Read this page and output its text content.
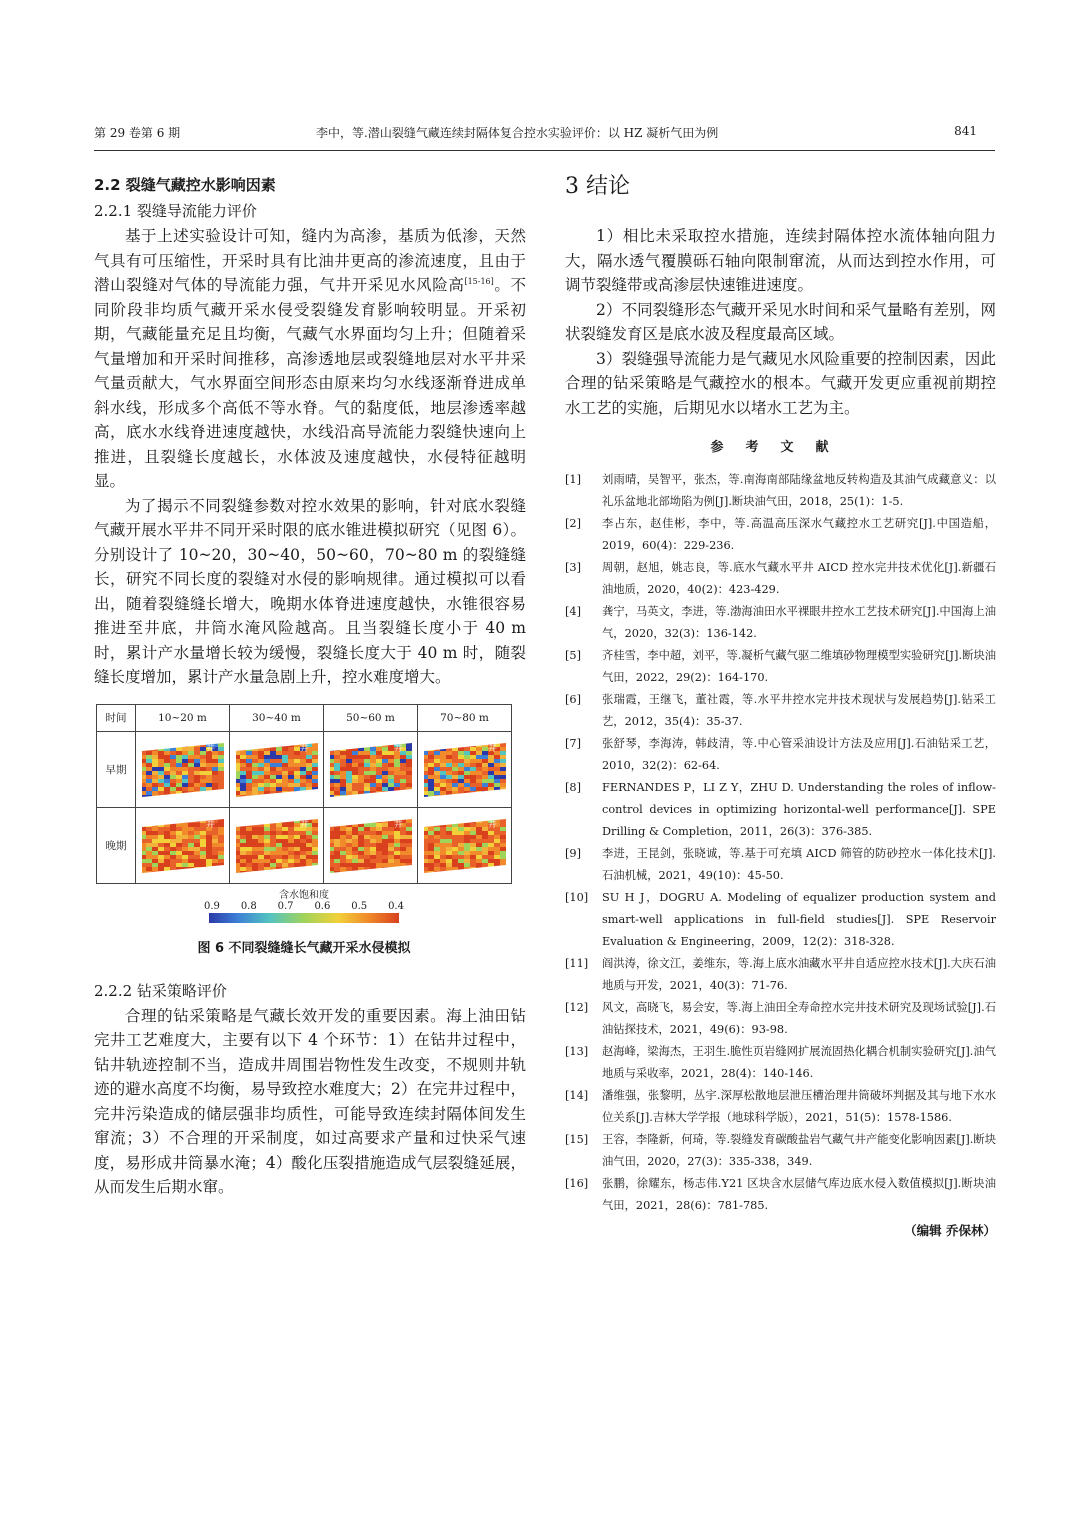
第 29 卷第 6 期	李中，等.潜山裂缝气藏连续封隔体复合控水实验评价：以 HZ 凝析气田为例	841
2.2 裂缝气藏控水影响因素
2.2.1 裂缝导流能力评价

基于上述实验设计可知，缝内为高渗，基质为低渗，天然气具有可压缩性，开采时具有比油井更高的渗流速度，且由于潜山裂缝对气体的导流能力强，气井开采见水风险高[15-16]。不同阶段非均质气藏开采水侵受裂缝发育影响较明显。开采初期，气藏能量充足且均衡，气藏气水界面均匀上升；但随着采气量增加和开采时间推移，高渗透地层或裂缝地层对水平井采气量贡献大，气水界面空间形态由原来均匀水线逐渐脊进成单斜水线，形成多个高低不等水脊。气的黏度低，地层渗透率越高，底水水线脊进速度越快，水线沿高导流能力裂缝快速向上推进，且裂缝长度越长，水体波及速度越快，水侵特征越明显。

为了揭示不同裂缝参数对控水效果的影响，针对底水裂缝气藏开展水平井不同开采时限的底水锥进模拟研究（见图 6）。分别设计了 10~20，30~40，50~60，70~80 m 的裂缝缝长，研究不同长度的裂缝对水侵的影响规律。通过模拟可以看出，随着裂缝缝长增大，晚期水体脊进速度越快，水锥很容易推进至井底，井筒水淹风险越高。且当裂缝长度小于 40 m 时，累计产水量增长较为缓慢，裂缝长度大于 40 m 时，随裂缝长度增加，累计产水量急剧上升，控水难度增大。

时间	10~20 m	30~40 m	50~60 m	70~80 m
早期	井	井	井	井

晚期	井	井	井	井
含水饱和度
0.9 0.8 0.7 0.6 0.5 0.4
图 6 不同裂缝缝长气藏开采水侵模拟
2.2.2 钻采策略评价

合理的钻采策略是气藏长效开发的重要因素。海上油田钻完井工艺难度大，主要有以下 4 个环节：1）在钻井过程中，钻井轨迹控制不当，造成井周围岩物性发生改变，不规则井轨迹的避水高度不均衡，易导致控水难度大；2）在完井过程中，完井污染造成的储层强非均质性，可能导致连续封隔体间发生窜流；3）不合理的开采制度，如过高要求产量和过快采气速度，易形成井筒暴水淹；4）酸化压裂措施造成气层裂缝延展，从而发生后期水窜。

3 结论

1）相比未采取控水措施，连续封隔体控水流体轴向阻力大，隔水透气覆膜砾石轴向限制窜流，从而达到控水作用，可调节裂缝带或高渗层快速锥进速度。

2）不同裂缝形态气藏开采见水时间和采气量略有差别，网状裂缝发育区是底水波及程度最高区域。

3）裂缝强导流能力是气藏见水风险重要的控制因素，因此合理的钻采策略是气藏控水的根本。气藏开发更应重视前期控水工艺的实施，后期见水以堵水工艺为主。

参考文献
[1]	刘雨晴，吴智平，张杰，等.南海南部陆缘盆地反转构造及其油气成藏意义：以礼乐盆地北部坳陷为例[J].断块油气田，2018，25(1)：1-5.
[2]	李占东，赵佳彬，李中，等.高温高压深水气藏控水工艺研究[J].中国造船，2019，60(4)：229-236.
[3]	周朝，赵旭，姚志良，等.底水气藏水平井 AICD 控水完井技术优化[J].新疆石油地质，2020，40(2)：423-429.
[4]	龚宁，马英文，李进，等.渤海油田水平裸眼井控水工艺技术研究[J].中国海上油气，2020，32(3)：136-142.
[5]	齐桂雪，李中超，刘平，等.凝析气藏气驱二维填砂物理模型实验研究[J].断块油气田，2022，29(2)：164-170.
[6]	张瑞霞，王继飞，董社霞，等.水平井控水完井技术现状与发展趋势[J].钻采工艺，2012，35(4)：35-37.
[7]	张舒琴，李海涛，韩歧清，等.中心管采油设计方法及应用[J].石油钻采工艺，2010，32(2)：62-64.
[8]	FERNANDES P，LI Z Y，ZHU D. Understanding the roles of inflow-control devices in optimizing horizontal-well performance[J]. SPE Drilling & Completion，2011，26(3)：376-385.
[9]	李进，王昆剑，张晓诚，等.基于可充填 AICD 筛管的防砂控水一体化技术[J].石油机械，2021，49(10)：45-50.
[10]	SU H J，DOGRU A. Modeling of equalizer production system and smart-well applications in full-field studies[J]. SPE Reservoir Evaluation & Engineering，2009，12(2)：318-328.
[11]	阎洪涛，徐文江，姜维东，等.海上底水油藏水平井自适应控水技术[J].大庆石油地质与开发，2021，40(3)：71-76.
[12]	风文，高晓飞，易会安，等.海上油田全寿命控水完井技术研究及现场试验[J].石油钻探技术，2021，49(6)：93-98.
[13]	赵海峰，梁海杰，王羽生.脆性页岩缝网扩展流固热化耦合机制实验研究[J].油气地质与采收率，2021，28(4)：140-146.
[14]	潘维强，张黎明，丛宇.深厚松散地层泄压槽治理井筒破坏判据及其与地下水水位关系[J].吉林大学学报（地球科学版），2021，51(5)：1578-1586.
[15]	王容，李隆新，何琦，等.裂缝发育碳酸盐岩气藏气井产能变化影响因素[J].断块油气田，2020，27(3)：335-338，349.
[16]	张鹏，徐耀东，杨志伟.Y21 区块含水层储气库边底水侵入数值模拟[J].断块油气田，2021，28(6)：781-785.
（编辑 乔保林）
